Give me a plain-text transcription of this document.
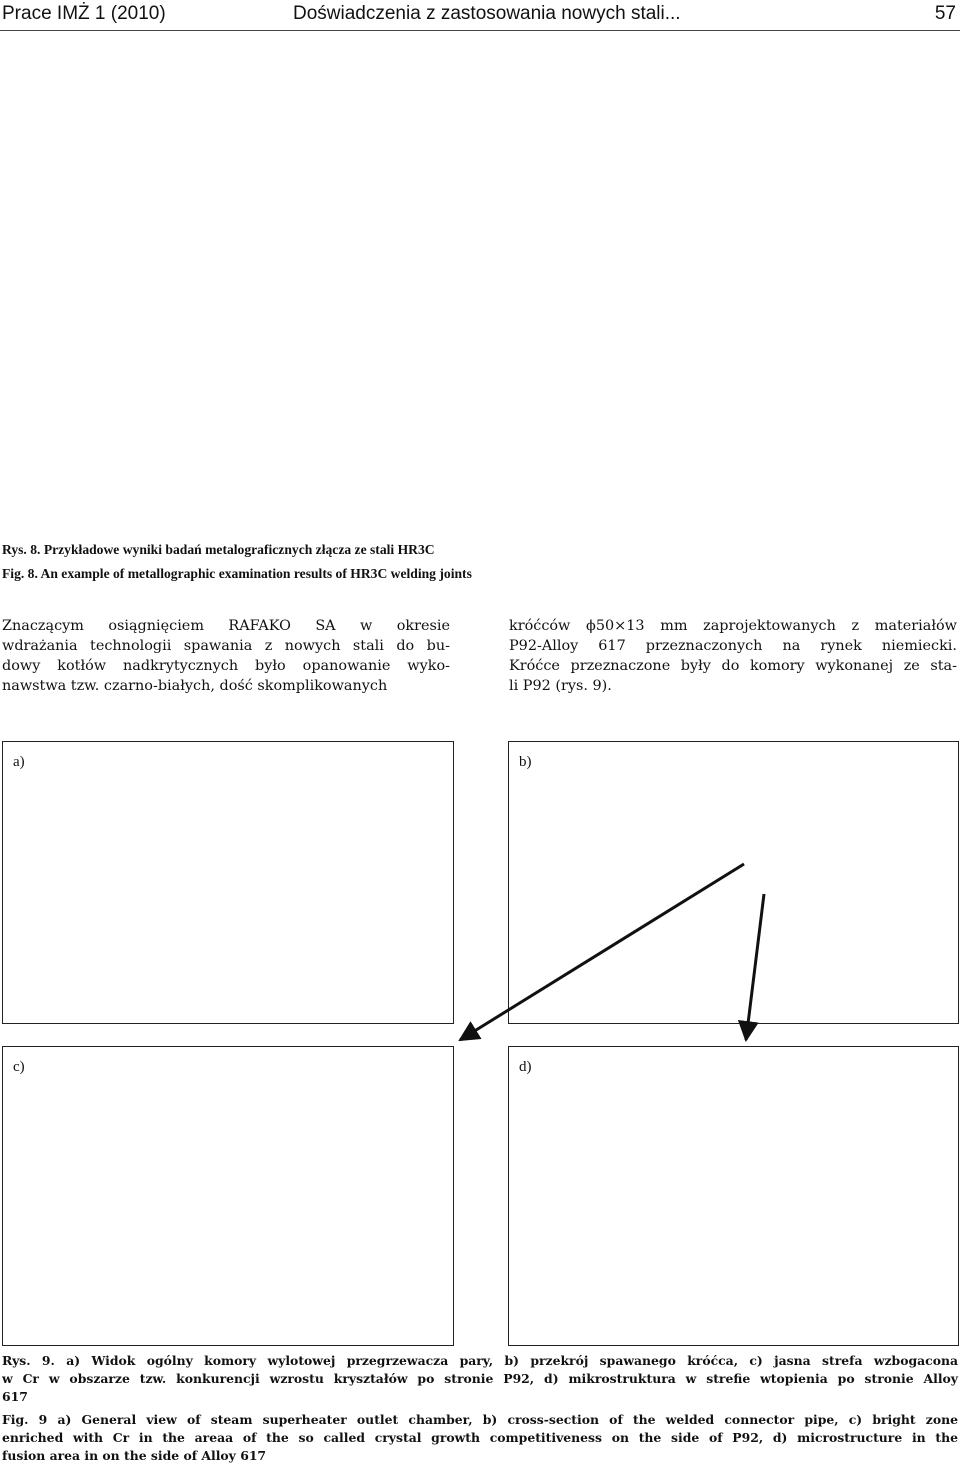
Prace IMŻ 1 (2010)	Doświadczenia z zastosowania nowych stali...	57
Rys. 8. Przykładowe wyniki badań metalograficznych złącza ze stali HR3C
Fig. 8. An example of metallographic examination results of HR3C welding joints
Znaczącym osiągnięciem RAFAKO SA w okresie
wdrażania technologii spawania z nowych stali do bu-
dowy kotłów nadkrytycznych było opanowanie wyko-
nawstwa tzw. czarno-białych, dość skomplikowanych
króćców ϕ50×13 mm zaprojektowanych z materiałów
P92-Alloy 617 przeznaczonych na rynek niemiecki.
Króćce przeznaczone były do komory wykonanej ze sta-
li P92 (rys. 9).
a)	b)
c)	d)
Rys. 9. a) Widok ogólny komory wylotowej przegrzewacza pary, b) przekrój spawanego króćca, c) jasna strefa wzbogacona
w Cr w obszarze tzw. konkurencji wzrostu kryształów po stronie P92, d) mikrostruktura w strefie wtopienia po stronie Alloy
617
Fig. 9 a) General view of steam superheater outlet chamber, b) cross-section of the welded connector pipe, c) bright zone
enriched with Cr in the areaa of the so called crystal growth competitiveness on the side of P92, d) microstructure in the
fusion area in on the side of Alloy 617
